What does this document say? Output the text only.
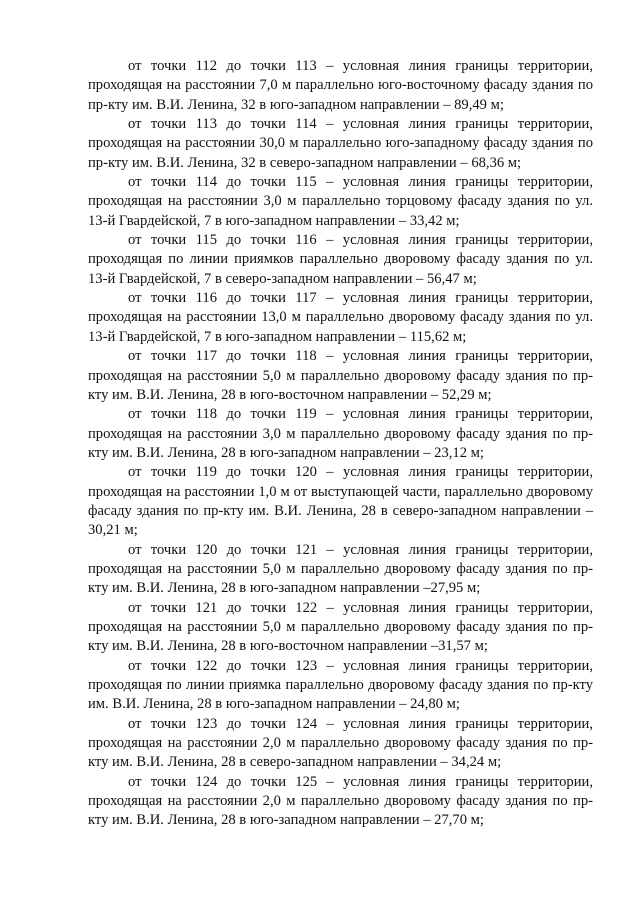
от точки 112 до точки 113 – условная линия границы территории, проходящая на расстоянии 7,0 м параллельно юго-восточному фасаду здания по пр-кту им. В.И. Ленина, 32 в юго-западном направлении – 89,49 м;

от точки 113 до точки 114 – условная линия границы территории, проходящая на расстоянии 30,0 м параллельно юго-западному фасаду здания по пр-кту им. В.И. Ленина, 32 в северо-западном направлении – 68,36 м;

от точки 114 до точки 115 – условная линия границы территории, проходящая на расстоянии 3,0 м параллельно торцовому фасаду здания по ул. 13-й Гвардейской, 7 в юго-западном направлении – 33,42 м;

от точки 115 до точки 116 – условная линия границы территории, проходящая по линии приямков параллельно дворовому фасаду здания по ул. 13-й Гвардейской, 7 в северо-западном направлении – 56,47 м;

от точки 116 до точки 117 – условная линия границы территории, проходящая на расстоянии 13,0 м параллельно дворовому фасаду здания по ул. 13-й Гвардейской, 7 в юго-западном направлении – 115,62 м;

от точки 117 до точки 118 – условная линия границы территории, проходящая на расстоянии 5,0 м параллельно дворовому фасаду здания по пр-кту им. В.И. Ленина, 28 в юго-восточном направлении – 52,29 м;

от точки 118 до точки 119 – условная линия границы территории, проходящая на расстоянии 3,0 м параллельно дворовому фасаду здания по пр-кту им. В.И. Ленина, 28 в юго-западном направлении – 23,12 м;

от точки 119 до точки 120 – условная линия границы территории, проходящая на расстоянии 1,0 м от выступающей части, параллельно дворовому фасаду здания по пр-кту им. В.И. Ленина, 28 в северо-западном направлении –30,21 м;

от точки 120 до точки 121 – условная линия границы территории, проходящая на расстоянии 5,0 м параллельно дворовому фасаду здания по пр-кту им. В.И. Ленина, 28 в юго-западном направлении –27,95 м;

от точки 121 до точки 122 – условная линия границы территории, проходящая на расстоянии 5,0 м параллельно дворовому фасаду здания по пр-кту им. В.И. Ленина, 28 в юго-восточном направлении –31,57 м;

от точки 122 до точки 123 – условная линия границы территории, проходящая по линии приямка параллельно дворовому фасаду здания по пр-кту им. В.И. Ленина, 28 в юго-западном направлении – 24,80 м;

от точки 123 до точки 124 – условная линия границы территории, проходящая на расстоянии 2,0 м параллельно дворовому фасаду здания по пр-кту им. В.И. Ленина, 28 в северо-западном направлении – 34,24 м;

от точки 124 до точки 125 – условная линия границы территории, проходящая на расстоянии 2,0 м параллельно дворовому фасаду здания по пр-кту им. В.И. Ленина, 28 в юго-западном направлении – 27,70 м;
